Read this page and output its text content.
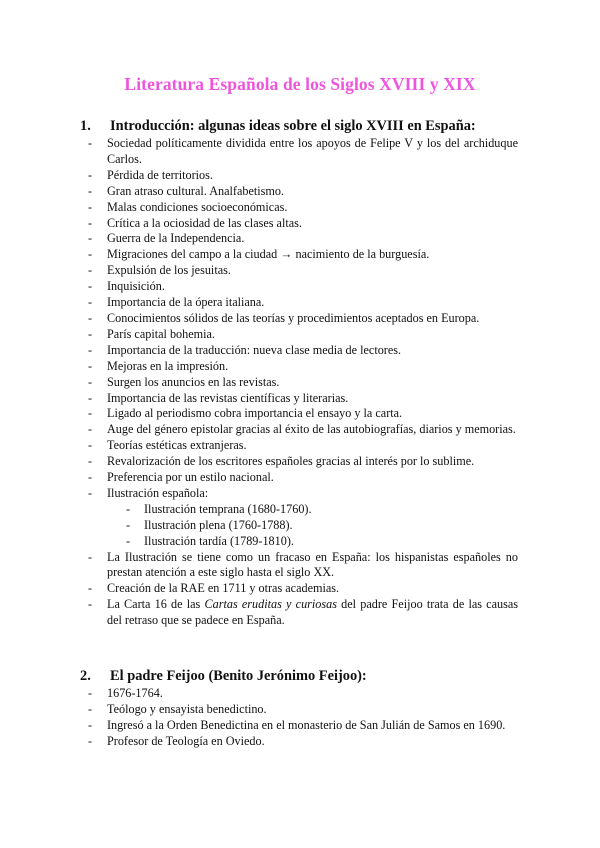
Literatura Española de los Siglos XVIII y XIX
1. Introducción: algunas ideas sobre el siglo XVIII en España:
- Sociedad políticamente dividida entre los apoyos de Felipe V y los del archiduque Carlos.
- Pérdida de territorios.
- Gran atraso cultural. Analfabetismo.
- Malas condiciones socioeconómicas.
- Crítica a la ociosidad de las clases altas.
- Guerra de la Independencia.
- Migraciones del campo a la ciudad → nacimiento de la burguesía.
- Expulsión de los jesuitas.
- Inquisición.
- Importancia de la ópera italiana.
- Conocimientos sólidos de las teorías y procedimientos aceptados en Europa.
- París capital bohemia.
- Importancia de la traducción: nueva clase media de lectores.
- Mejoras en la impresión.
- Surgen los anuncios en las revistas.
- Importancia de las revistas científicas y literarias.
- Ligado al periodismo cobra importancia el ensayo y la carta.
- Auge del género epistolar gracias al éxito de las autobiografías, diarios y memorias.
- Teorías estéticas extranjeras.
- Revalorización de los escritores españoles gracias al interés por lo sublime.
- Preferencia por un estilo nacional.
- Ilustración española:
- Ilustración temprana (1680-1760).
- Ilustración plena (1760-1788).
- Ilustración tardía (1789-1810).
- La Ilustración se tiene como un fracaso en España: los hispanistas españoles no prestan atención a este siglo hasta el siglo XX.
- Creación de la RAE en 1711 y otras academias.
- La Carta 16 de las Cartas eruditas y curiosas del padre Feijoo trata de las causas del retraso que se padece en España.
2. El padre Feijoo (Benito Jerónimo Feijoo):
- 1676-1764.
- Teólogo y ensayista benedictino.
- Ingresó a la Orden Benedictina en el monasterio de San Julián de Samos en 1690.
- Profesor de Teología en Oviedo.
